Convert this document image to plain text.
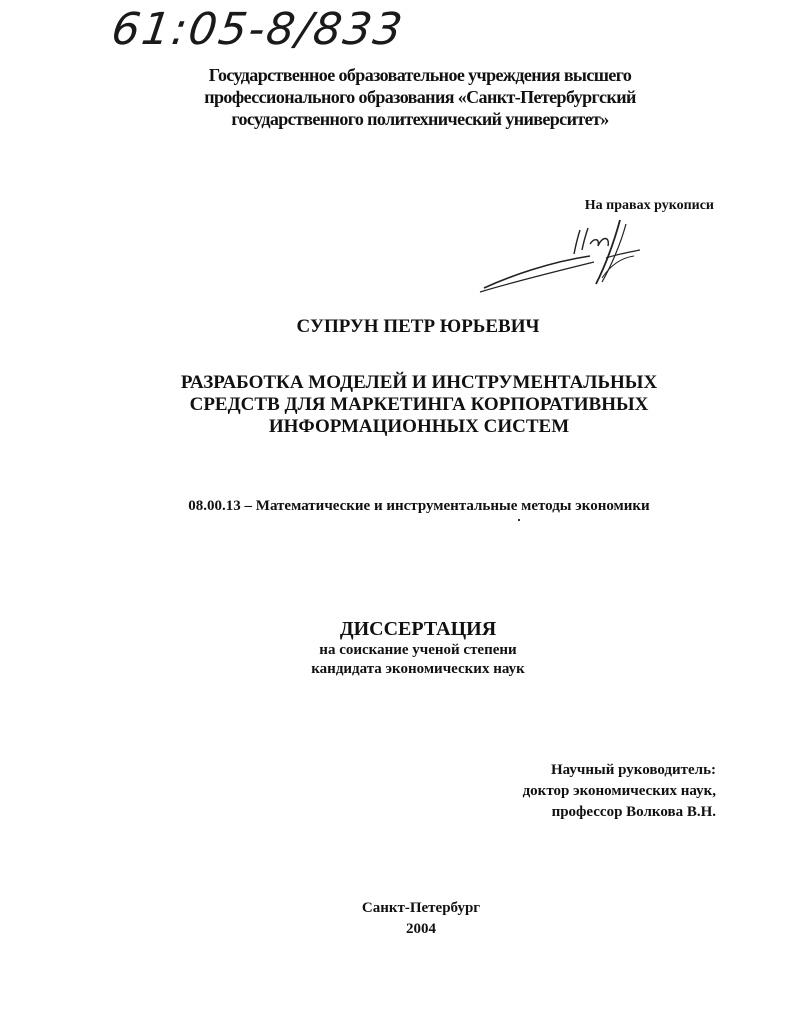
61:05-8/833
Государственное образовательное учреждения высшего
профессионального образования «Санкт-Петербургский
государственного политехнический университет»
На правах рукописи
СУПРУН ПЕТР ЮРЬЕВИЧ
РАЗРАБОТКА МОДЕЛЕЙ И ИНСТРУМЕНТАЛЬНЫХ
СРЕДСТВ ДЛЯ МАРКЕТИНГА КОРПОРАТИВНЫХ
ИНФОРМАЦИОННЫХ СИСТЕМ
08.00.13 – Математические и инструментальные методы экономики
ДИССЕРТАЦИЯ
на соискание ученой степени
кандидата экономических наук
Научный руководитель:
доктор экономических наук,
профессор Волкова В.Н.
Санкт-Петербург
2004
